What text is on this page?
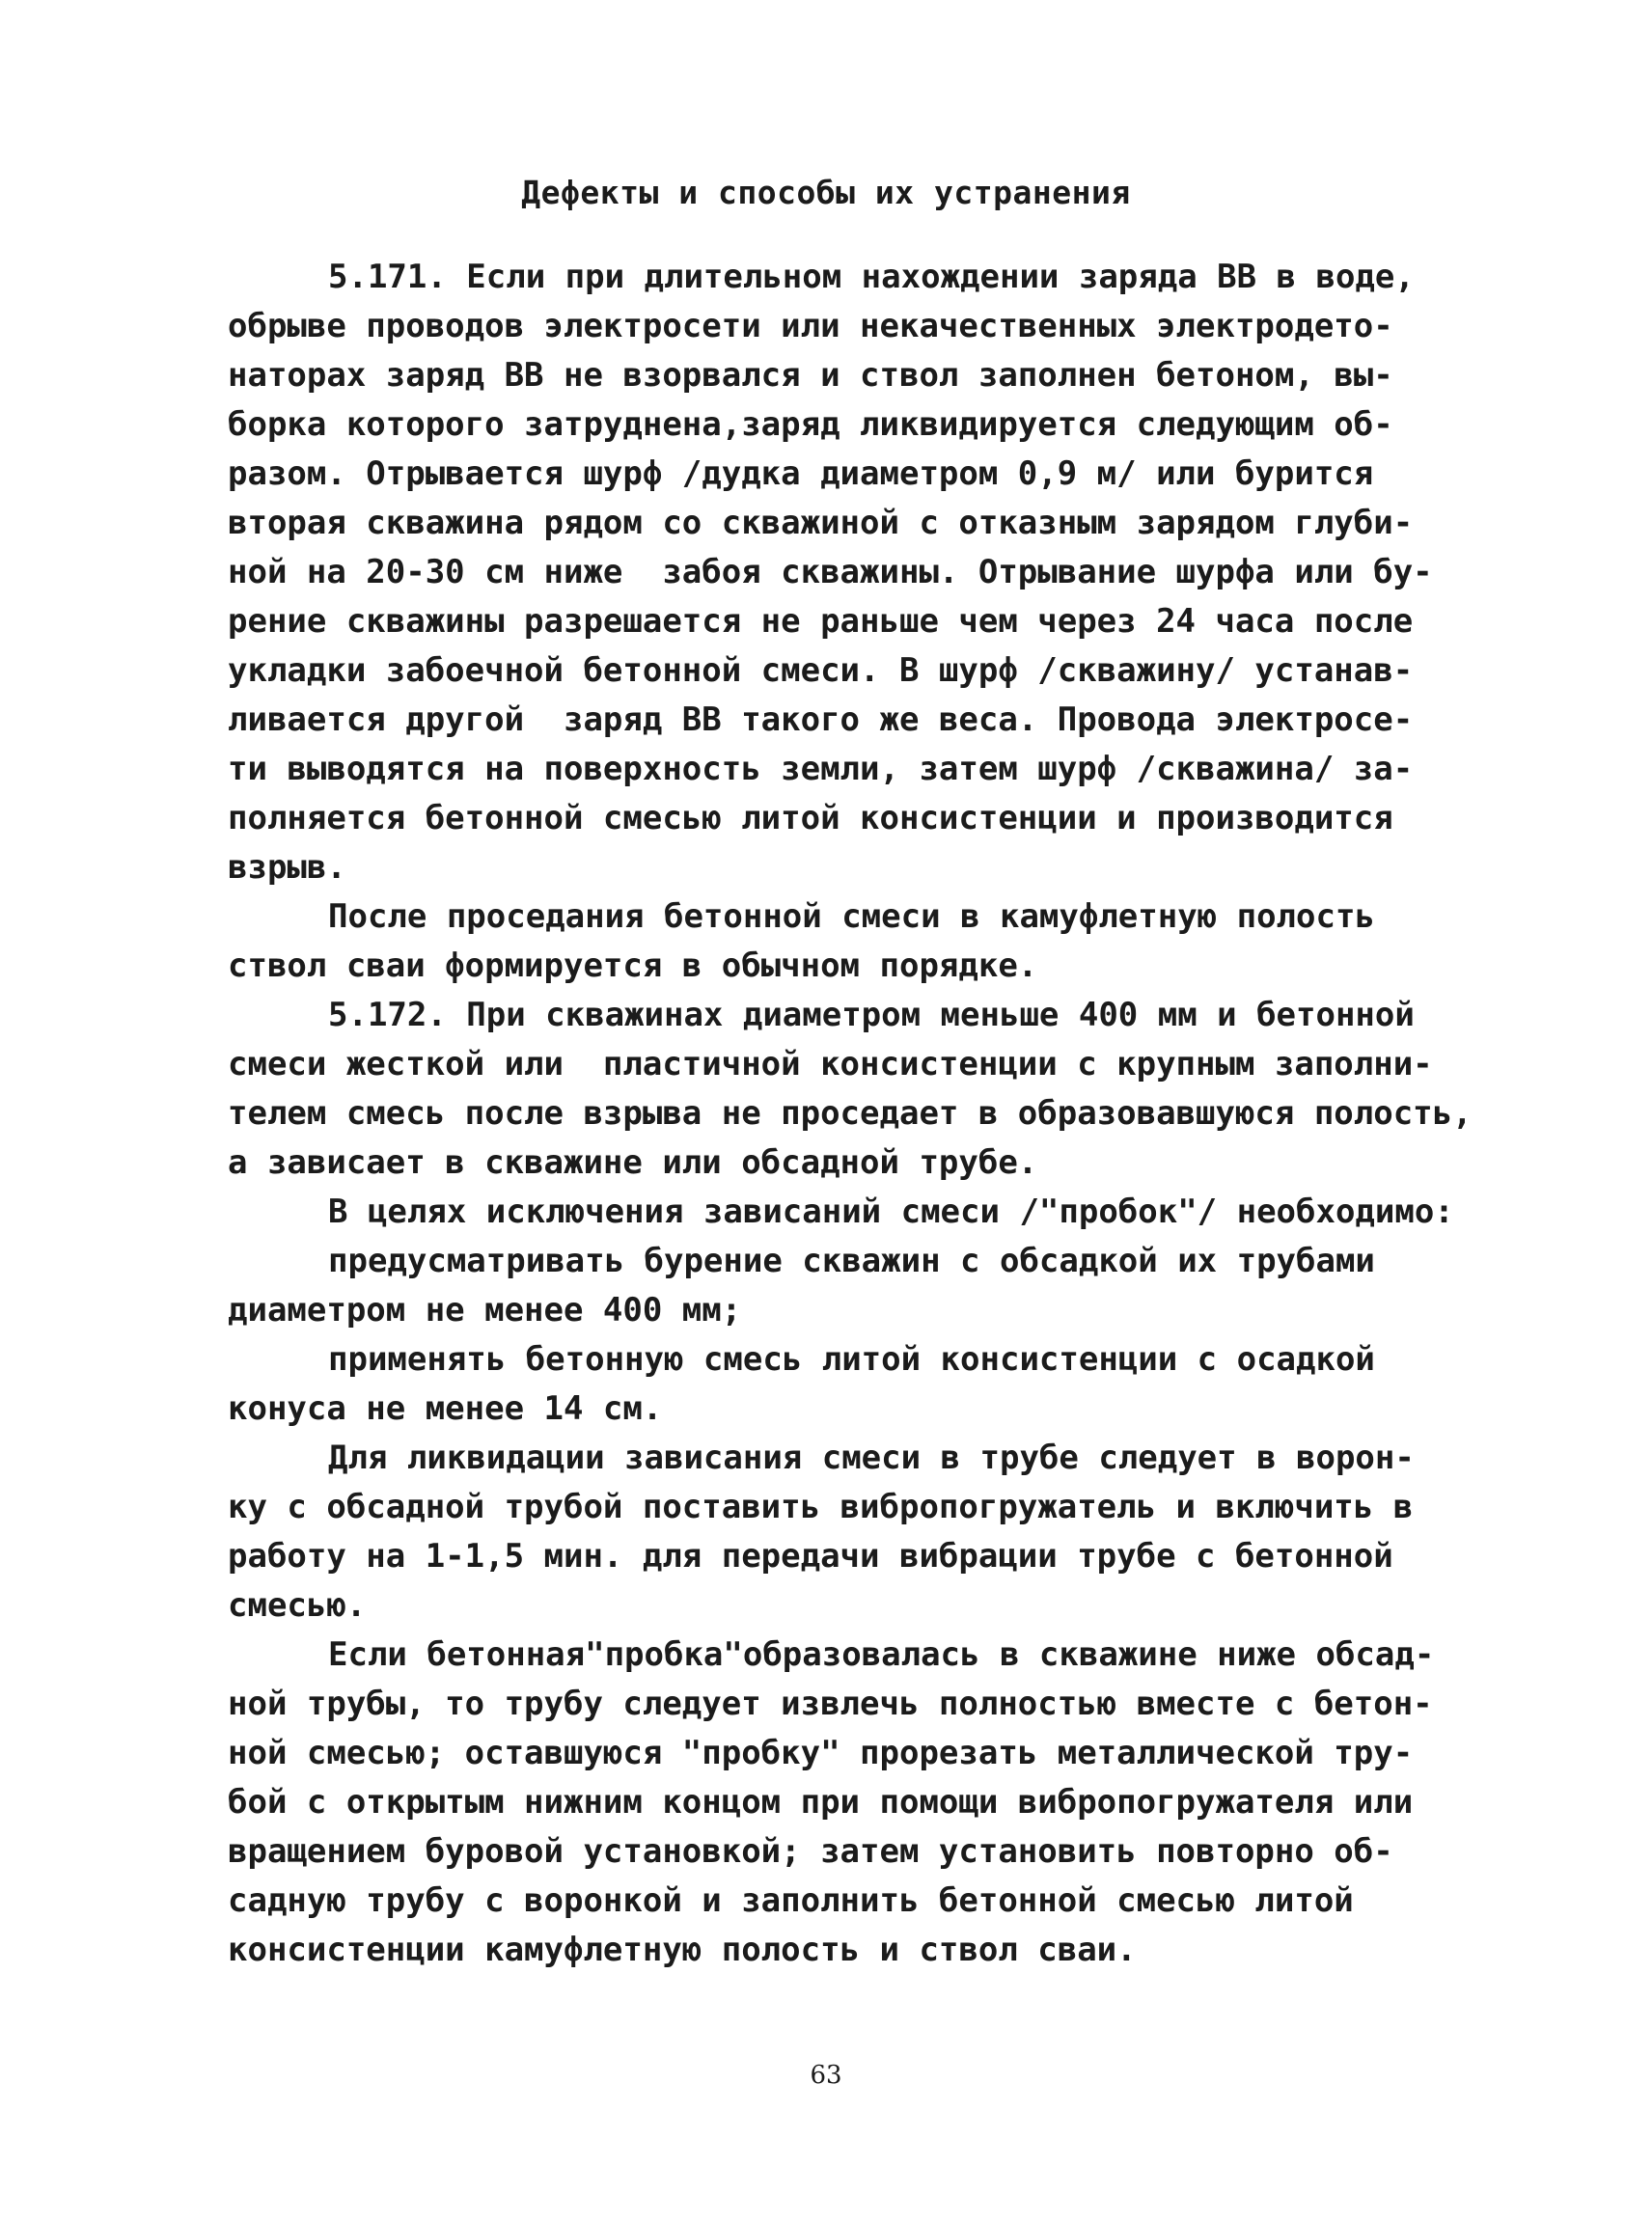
Дефекты и способы их устранения
5.171. Если при длительном нахождении заряда ВВ в воде,
обрыве проводов электросети или некачественных электродето-
наторах заряд ВВ не взорвался и ствол заполнен бетоном, вы-
борка которого затруднена,заряд ликвидируется следующим об-
разом. Отрывается шурф /дудка диаметром 0,9 м/ или бурится
вторая скважина рядом со скважиной с отказным зарядом глуби-
ной на 20-30 см ниже  забоя скважины. Отрывание шурфа или бу-
рение скважины разрешается не раньше чем через 24 часа после
укладки забоечной бетонной смеси. В шурф /скважину/ устанав-
ливается другой  заряд ВВ такого же веса. Провода электросе-
ти выводятся на поверхность земли, затем шурф /скважина/ за-
полняется бетонной смесью литой консистенции и производится
взрыв.
После проседания бетонной смеси в камуфлетную полость
ствол сваи формируется в обычном порядке.
5.172. При скважинах диаметром меньше 400 мм и бетонной
смеси жесткой или  пластичной консистенции с крупным заполни-
телем смесь после взрыва не проседает в образовавшуюся полость,
а зависает в скважине или обсадной трубе.
В целях исключения зависаний смеси /"пробок"/ необходимо:
предусматривать бурение скважин с обсадкой их трубами
диаметром не менее 400 мм;
применять бетонную смесь литой консистенции с осадкой
конуса не менее 14 см.
Для ликвидации зависания смеси в трубе следует в ворон-
ку с обсадной трубой поставить вибропогружатель и включить в
работу на 1-1,5 мин. для передачи вибрации трубе с бетонной
смесью.
Если бетонная"пробка"образовалась в скважине ниже обсад-
ной трубы, то трубу следует извлечь полностью вместе с бетон-
ной смесью; оставшуюся "пробку" прорезать металлической тру-
бой с открытым нижним концом при помощи вибропогружателя или
вращением буровой установкой; затем установить повторно об-
садную трубу с воронкой и заполнить бетонной смесью литой
консистенции камуфлетную полость и ствол сваи.
63
